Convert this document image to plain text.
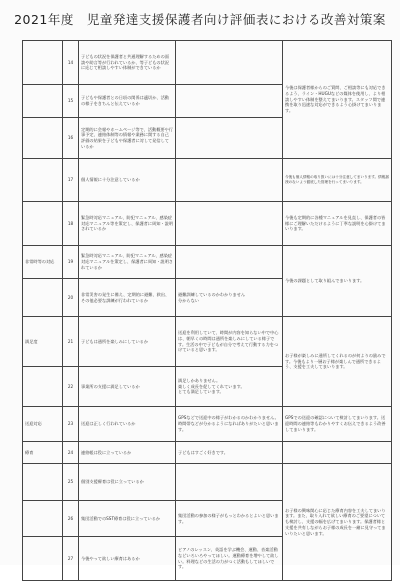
2021年度　児童発達支援保護者向け評価表における改善対策案
	14	子どもの状況を保護者と共通理解するための面談や助言等が行われているか、等子どもの状況に応じて相談しやすい体制ができているか		今後は保護者様からのご質問、ご相談等にも対応できるよう、ライン・HUGUなどの媒体を使用し、より相談しやすい体制を整えてまいります。スタッフ間で連携を取り迅速な対応ができるよう心掛けてまいります。
	15	子どもや保護者との日頃の関係は適切か、活動の様子をきちんと伝えているか		
	16	定期的に会報やホームページ等で、活動概要や行事予定、連絡体制等の情報や業務に関する自己評価の結果を子どもや保護者に対して発信しているか		
	17	個人情報に十分注意しているか		今後も個人情報の取り扱いには十分注意してまいります。情報漏洩のないよう徹底した管理を行ってまいります。
	18	緊急時対応マニュアル、防犯マニュアル、感染症対応マニュアル等を策定し、保護者に周知・説明されているか		今後も定期的に各種マニュアルを見直し、保護者の皆様にご理解いただけるように丁寧な説明を心掛けてまいります。
非常時等の対応	19	緊急時対応マニュアル、防犯マニュアル、感染症対応マニュアルを策定し、保護者に周知・説明されているか		今後の課題として取り組んでまいります。
	20	非常災害の発生に備え、定期的に避難、救出、その他必要な訓練が行われているか	避難訓練しているのかわかりません
分からない	
満足度	21	子どもは通所を楽しみにしているか	送迎を利用していて、時間が内容を知らない中で中心は、朝早くの時間は通所を楽しみにしている様子です。生活の中で子どもが自分で考えて行動する力をつけていると思います。	お子様が楽しみに通所してくれるのが何よりの励みです。今後もより一層お子様が楽しんで通所できるよう、支援を工夫してまいります。
	22	事業所の支援に満足しているか	満足しかありません。
楽しく成長を促してくれています。
とても満足しています。	
送迎対応	23	送迎は正しく行われているか	GPSなどで送迎中の様子がわかるのかわかりません。時間帯などが分かるようになればありがたいと思います。	GPSでの送迎の確認について検討してまいります。送迎時間の連絡等もわかりやすくお伝えできるよう改善してまいります。
療育	24	連絡帳は役に立っているか	子どもはすごく好きです。	
	25	個別支援療育は役に立っているか		お子様の興味関心に応じた療育内容を工夫してまいります。また、取り入れて欲しい療育のご要望についても検討し、支援の幅を広げてまいります。保護者様と支援を共有しながらお子様の成長を一緒に見守ってまいりたいと思います。
	26	集団活動でのSST療育は役に立っているか	集団活動の参加の様子がもっとわかるとよいと思います。	
	27	今後やって欲しい療育はあるか	ピアノのレッスン、英語を学ぶ機会、運動、音楽活動などいろいろやってほしい。運動療育を増やして欲しい。料理などの生活の力がつく活動もしてほしいです。	
